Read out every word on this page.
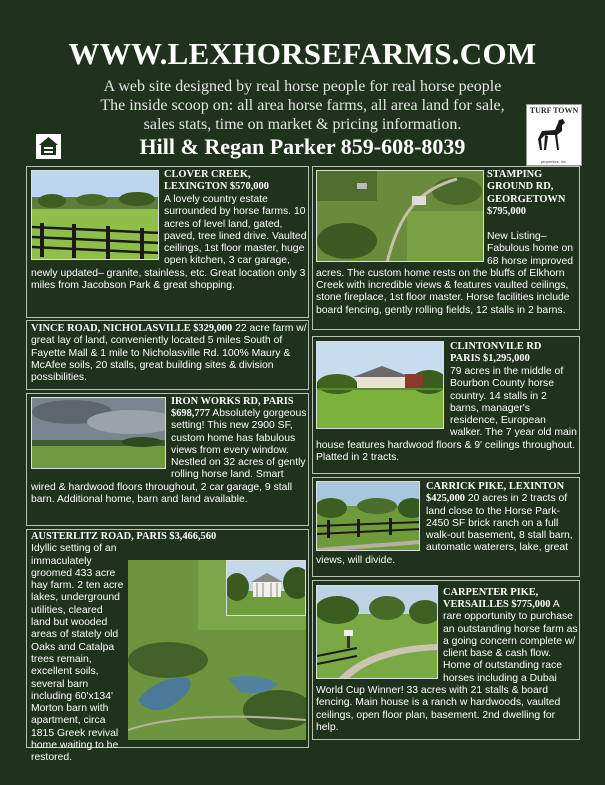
WWW.LEXHORSEFARMS.COM
A web site designed by real horse people for real horse people
The inside scoop on: all area horse farms, all area land for sale,
sales stats, time on market & pricing information.
Hill & Regan Parker 859-608-8039
TURF TOWN
properties, inc.
CLOVER CREEK,
LEXINGTON $570,000
A lovely country estate surrounded by horse farms. 10 acres of level land, gated, paved, tree lined drive. Vaulted ceilings, 1st floor master, huge open kitchen, 3 car garage, newly updated– granite, stainless, etc. Great location only 3 miles from Jacobson Park & great shopping.
STAMPING GROUND RD, GEORGETOWN
$795,000
New Listing– Fabulous home on 68 horse improved acres. The custom home rests on the bluffs of Elkhorn Creek with incredible views & features vaulted ceilings, stone fireplace, 1st floor master. Horse facilities include board fencing, gently rolling fields, 12 stalls in 2 barns.
VINCE ROAD, NICHOLASVILLE $329,000 22 acre farm w/ great lay of land, conveniently located 5 miles South of Fayette Mall & 1 mile to Nicholasville Rd. 100% Maury & McAfee soils, 20 stalls, great building sites & division possibilities.
CLINTONVILE RD
PARIS $1,295,000
79 acres in the middle of Bourbon County horse country. 14 stalls in 2 barns, manager's residence, European walker. The 7 year old main house features hardwood floors & 9' ceilings throughout. Platted in 2 tracts.
IRON WORKS RD, PARIS
$698,777 Absolutely gorgeous setting! This new 2900 SF, custom home has fabulous views from every window. Nestled on 32 acres of gently rolling horse land. Smart wired & hardwood floors throughout, 2 car garage, 9 stall barn. Additional home, barn and land available.
CARRICK PIKE, LEXINTON
$425,000 20 acres in 2 tracts of land close to the Horse Park- 2450 SF brick ranch on a full walk-out basement, 8 stall barn, automatic waterers, lake, great views, will divide.
AUSTERLITZ ROAD, PARIS $3,466,560

Idyllic setting of an immaculately groomed 433 acre hay farm. 2 ten acre lakes, underground utilities, cleared land but wooded areas of stately old Oaks and Catalpa trees remain, excellent soils, several barn including 60'x134' Morton barn with apartment, circa 1815 Greek revival home waiting to be restored.
CARPENTER PIKE,
VERSAILLES $775,000 A rare opportunity to purchase an outstanding horse farm as a going concern complete w/ client base & cash flow. Home of outstanding race horses including a Dubai World Cup Winner! 33 acres with 21 stalls & board fencing. Main house is a ranch w hardwoods, vaulted ceilings, open floor plan, basement. 2nd dwelling for help.
